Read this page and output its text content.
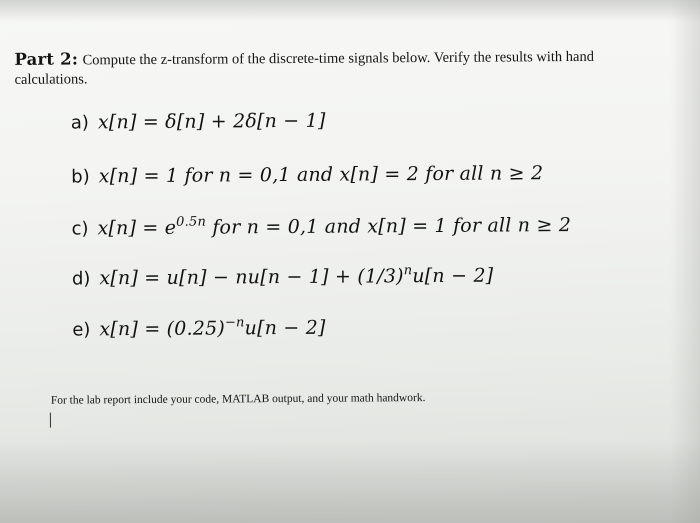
Part 2: Compute the z-transform of the discrete-time signals below. Verify the results with hand calculations.
a) x[n] = δ[n] + 2δ[n − 1]
b) x[n] = 1 for n = 0,1 and x[n] = 2 for all n ≥ 2
c) $x[n] = e^{0.5n}$ for n = 0,1 and x[n] = 1 for all n ≥ 2
d) $x[n] = u[n] - nu[n - 1] + (1/3)^nu[n - 2]$
e) $x[n] = (0.25)^{-n}u[n - 2]$
For the lab report include your code, MATLAB output, and your math handwork.
